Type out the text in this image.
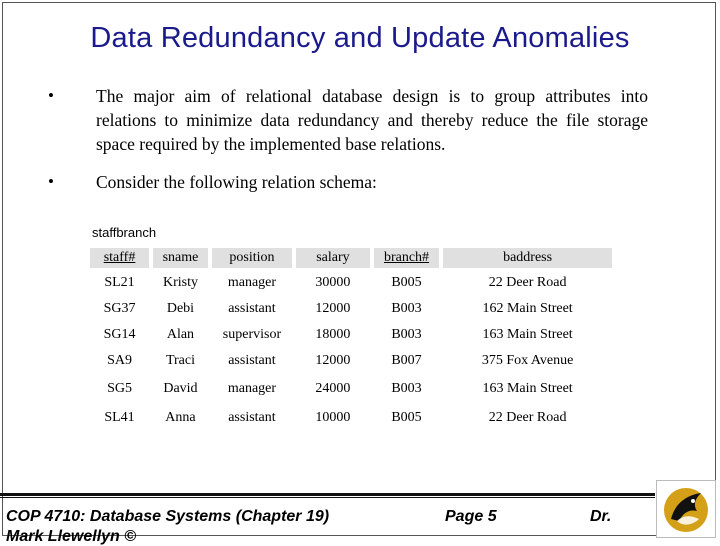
Data Redundancy and Update Anomalies
• The major aim of relational database design is to group attributes into relations to minimize data redundancy and thereby reduce the file storage space required by the implemented base relations.
• Consider the following relation schema:
staffbranch
staff#	sname	position	salary	branch#	baddress
SL21	Kristy	manager	30000	B005	22 Deer Road
SG37	Debi	assistant	12000	B003	162 Main Street
SG14	Alan	supervisor	18000	B003	163 Main Street
SA9	Traci	assistant	12000	B007	375 Fox Avenue
SG5	David	manager	24000	B003	163 Main Street
SL41	Anna	assistant	10000	B005	22 Deer Road
COP 4710: Database Systems (Chapter 19)	Page 5	Dr.
Mark Llewellyn ©
